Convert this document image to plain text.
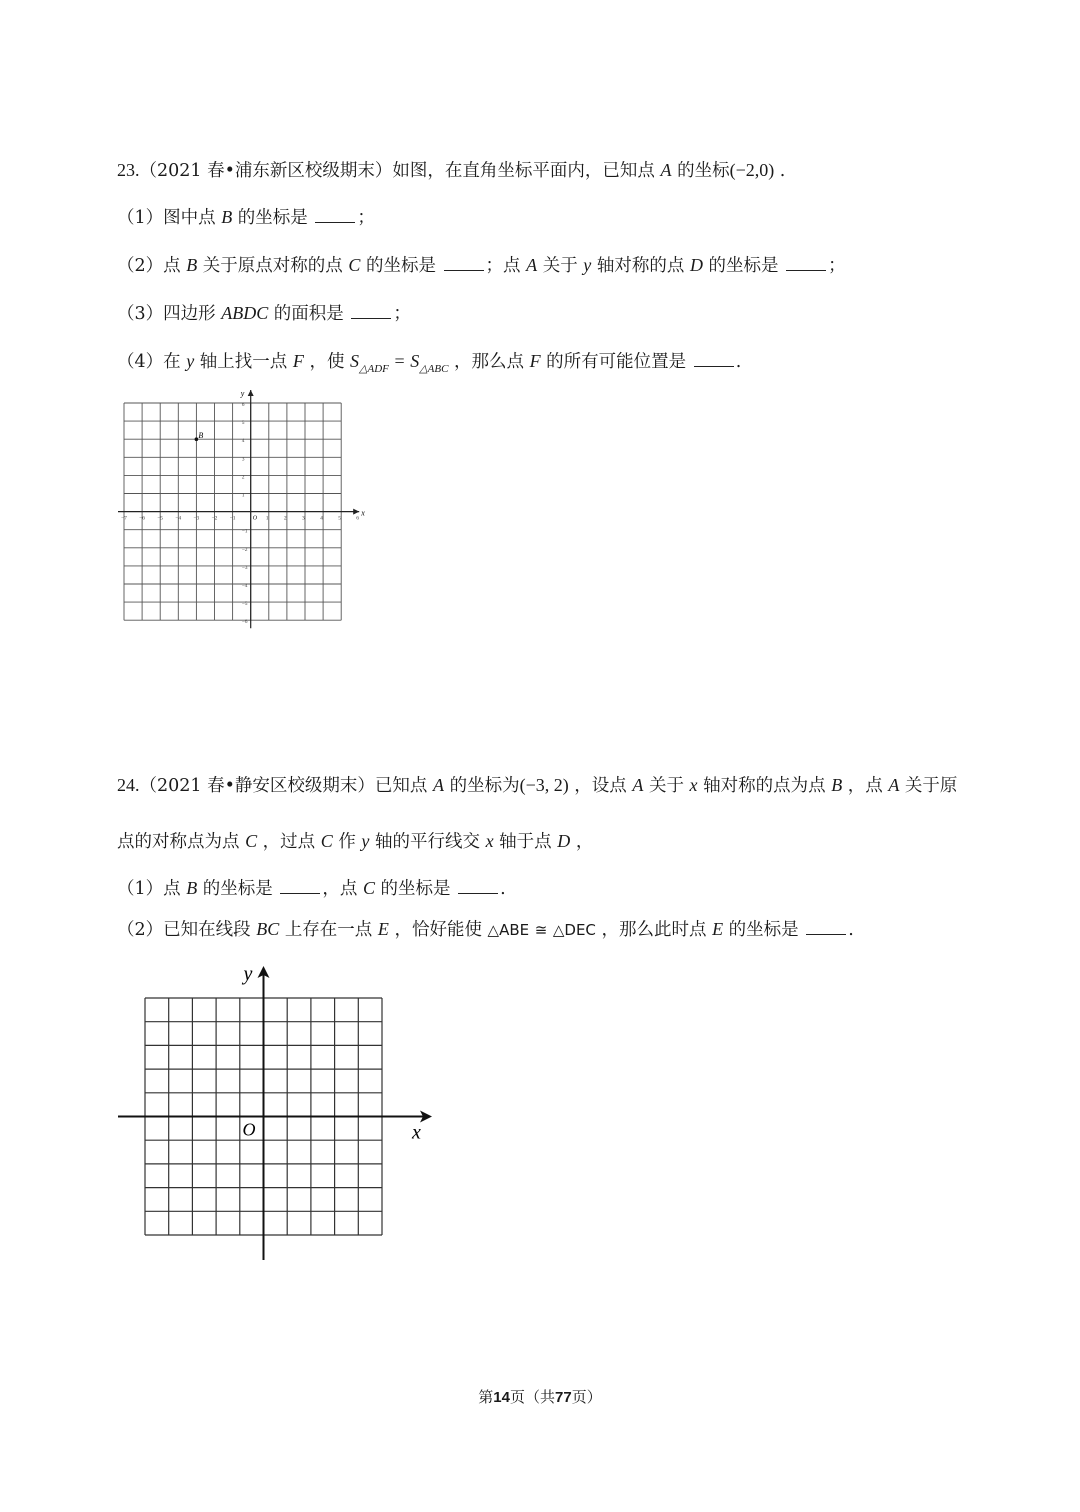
23.（2021 春•浦东新区校级期末）如图，在直角坐标平面内，已知点 A 的坐标(−2,0) .
（1）图中点 B 的坐标是	；
（2）点 B 关于原点对称的点 C 的坐标是	；点 A 关于 y 轴对称的点 D 的坐标是	；
（3）四边形 ABDC 的面积是	；
（4）在 y 轴上找一点 F ，使 $S_{\triangle ADF} = S_{\triangle ABC}$ ，那么点 F 的所有可能位置是	.
x
y
O
−7 −6 −5 −4 −3 −2 −1	1	2	3	4	5	6
6
5
4
3
2
1
−1
−2
−3
−4
−5
−6
B
24.（2021 春•静安区校级期末）已知点 A 的坐标为(−3, 2) ，设点 A 关于 x 轴对称的点为点 B ，点 A 关于原
点的对称点为点 C ，过点 C 作 y 轴的平行线交 x 轴于点 D ，
（1）点 B 的坐标是	，点 C 的坐标是	.
（2）已知在线段 BC 上存在一点 E ，恰好能使 △ABE ≅ △DEC ，那么此时点 E 的坐标是	.
x
y
O
第14页（共77页）
